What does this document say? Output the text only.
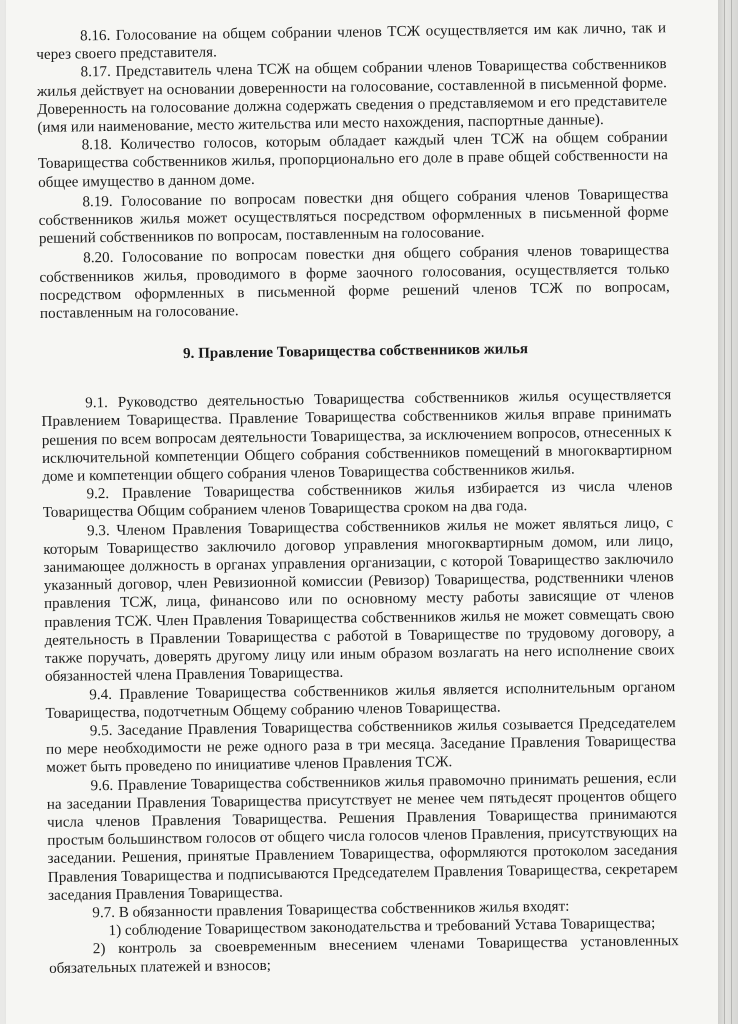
8.16. Голосование на общем собрании членов ТСЖ осуществляется им как лично, так и через своего представителя.

8.17. Представитель члена ТСЖ на общем собрании членов Товарищества собственников жилья действует на основании доверенности на голосование, составленной в письменной форме. Доверенность на голосование должна содержать сведения о представляемом и его представителе (имя или наименование, место жительства или место нахождения, паспортные данные).

8.18. Количество голосов, которым обладает каждый член ТСЖ на общем собрании Товарищества собственников жилья, пропорционально его доле в праве общей собственности на общее имущество в данном доме.

8.19. Голосование по вопросам повестки дня общего собрания членов Товарищества собственников жилья может осуществляться посредством оформленных в письменной форме решений собственников по вопросам, поставленным на голосование.

8.20. Голосование по вопросам повестки дня общего собрания членов товарищества собственников жилья, проводимого в форме заочного голосования, осуществляется только посредством оформленных в письменной форме решений членов ТСЖ по вопросам, поставленным на голосование.

9. Правление Товарищества собственников жилья

9.1. Руководство деятельностью Товарищества собственников жилья осуществляется Правлением Товарищества. Правление Товарищества собственников жилья вправе принимать решения по всем вопросам деятельности Товарищества, за исключением вопросов, отнесенных к исключительной компетенции Общего собрания собственников помещений в многоквартирном доме и компетенции общего собрания членов Товарищества собственников жилья.

9.2. Правление Товарищества собственников жилья избирается из числа членов Товарищества Общим собранием членов Товарищества сроком на два года.

9.3. Членом Правления Товарищества собственников жилья не может являться лицо, с которым Товарищество заключило договор управления многоквартирным домом, или лицо, занимающее должность в органах управления организации, с которой Товарищество заключило указанный договор, член Ревизионной комиссии (Ревизор) Товарищества, родственники членов правления ТСЖ, лица, финансово или по основному месту работы зависящие от членов правления ТСЖ. Член Правления Товарищества собственников жилья не может совмещать свою деятельность в Правлении Товарищества с работой в Товариществе по трудовому договору, а также поручать, доверять другому лицу или иным образом возлагать на него исполнение своих обязанностей члена Правления Товарищества.

9.4. Правление Товарищества собственников жилья является исполнительным органом Товарищества, подотчетным Общему собранию членов Товарищества.

9.5. Заседание Правления Товарищества собственников жилья созывается Председателем по мере необходимости не реже одного раза в три месяца. Заседание Правления Товарищества может быть проведено по инициативе членов Правления ТСЖ.

9.6. Правление Товарищества собственников жилья правомочно принимать решения, если на заседании Правления Товарищества присутствует не менее чем пятьдесят процентов общего числа членов Правления Товарищества. Решения Правления Товарищества принимаются простым большинством голосов от общего числа голосов членов Правления, присутствующих на заседании. Решения, принятые Правлением Товарищества, оформляются протоколом заседания Правления Товарищества и подписываются Председателем Правления Товарищества, секретарем заседания Правления Товарищества.

9.7. В обязанности правления Товарищества собственников жилья входят:

1) соблюдение Товариществом законодательства и требований Устава Товарищества;

2) контроль за своевременным внесением членами Товарищества установленных обязательных платежей и взносов;
